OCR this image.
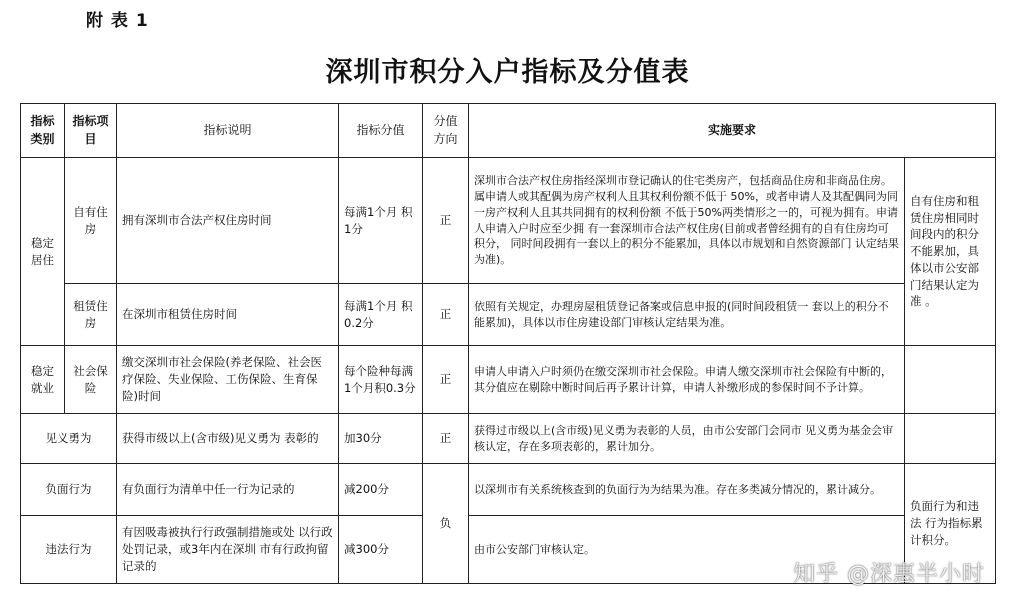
附 表 1
深圳市积分入户指标及分值表
指标类别	指标项目	指标说明	指标分值	分值方向	实施要求	
稳定居住	自有住房	拥有深圳市合法产权住房时间	每满1个月 积1分	正	深圳市合法产权住房指经深圳市登记确认的住宅类房产，包括商品住房和非商品住房。属申请人或其配偶为房产权利人且其权利份额不低于 50%，或者申请人及其配偶同为同一房产权利人且其共同拥有的权利份额 不低于50%两类情形之一的，可视为拥有。申请人申请入户时应至少拥 有一套深圳市合法产权住房(目前或者曾经拥有的自有住房均可积分， 同时间段拥有一套以上的积分不能累加，具体以市规划和自然资源部门 认定结果为准)。	自有住房和租赁住房相同时 间段内的积分 不能累加，具 体以市公安部 门结果认定为准 。
	租赁住房	在深圳市租赁住房时间	每满1个月 积0.2分	正	依照有关规定，办理房屋租赁登记备案或信息申报的(同时间段租赁一 套以上的积分不能累加)，具体以市住房建设部门审核认定结果为准。	
稳定就业	社会保险	缴交深圳市社会保险(养老保险、社会医疗保险、失业保险、工伤保险、生育保险)时间	每个险种每满1个月积0.3分	正	申请人申请入户时须仍在缴交深圳市社会保险。申请人缴交深圳市社会保险有中断的，其分值应在剔除中断时间后再予累计计算，申请人补缴形成的参保时间不予计算。	
见义勇为		获得市级以上(含市级)见义勇为 表彰的	加30分	正	获得过市级以上(含市级)见义勇为表彰的人员，由市公安部门会同市 见义勇为基金会审核认定，存在多项表彰的，累计加分。	
负面行为		有负面行为清单中任一行为记录的	减200分	负	以深圳市有关系统核查到的负面行为为结果为准。存在多类减分情况的，累计减分。	负面行为和违法 行为指标累 计积分。
违法行为		有因吸毒被执行行政强制措施或处 以行政处罚记录，或3年内在深圳 市有行政拘留记录的	减300分		由市公安部门审核认定。	
知乎 @深惠半小时
